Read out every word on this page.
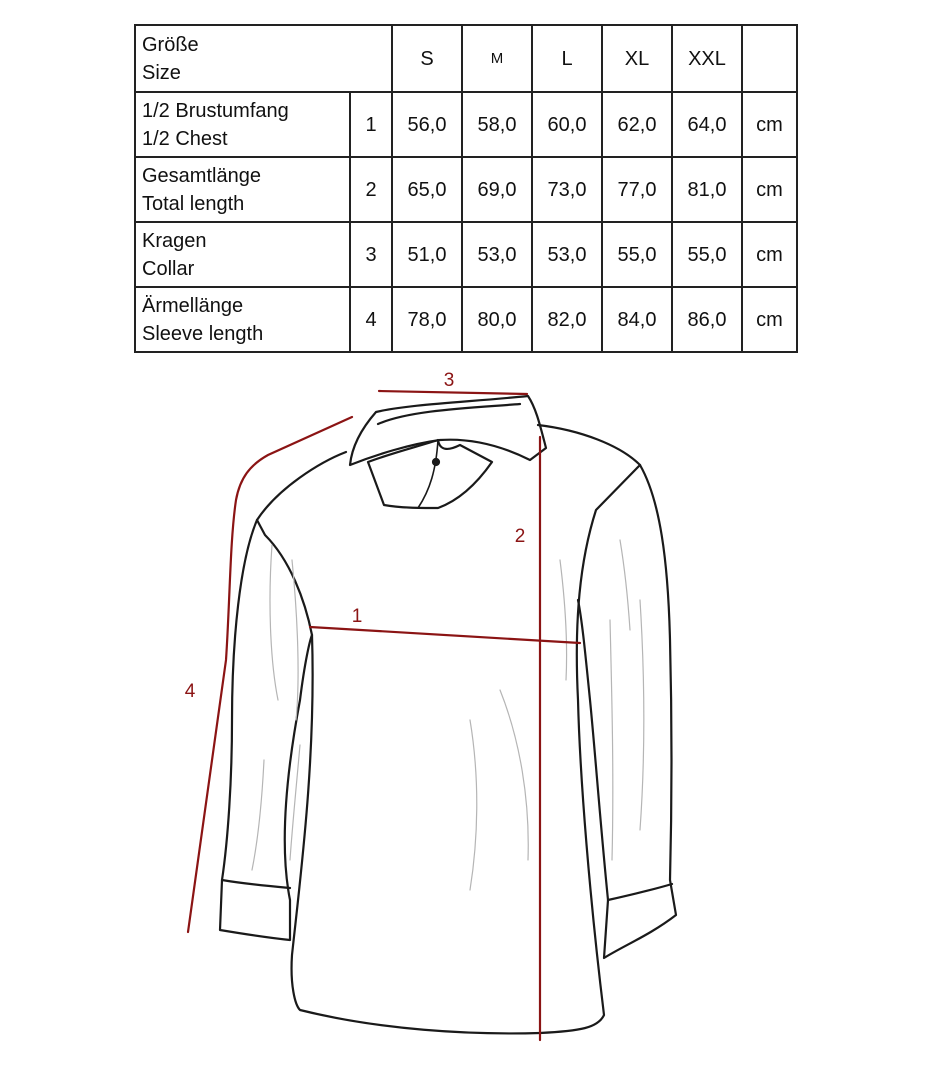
Größe
Size		S	M	L	XL	XXL	

1/2 Brustumfang
1/2 Chest	1	56,0	58,0	60,0	62,0	64,0	cm

Gesamtlänge
Total length	2	65,0	69,0	73,0	77,0	81,0	cm

Kragen
Collar	3	51,0	53,0	53,0	55,0	55,0	cm

Ärmellänge
Sleeve length	4	78,0	80,0	82,0	84,0	86,0	cm
1
2
3
4
